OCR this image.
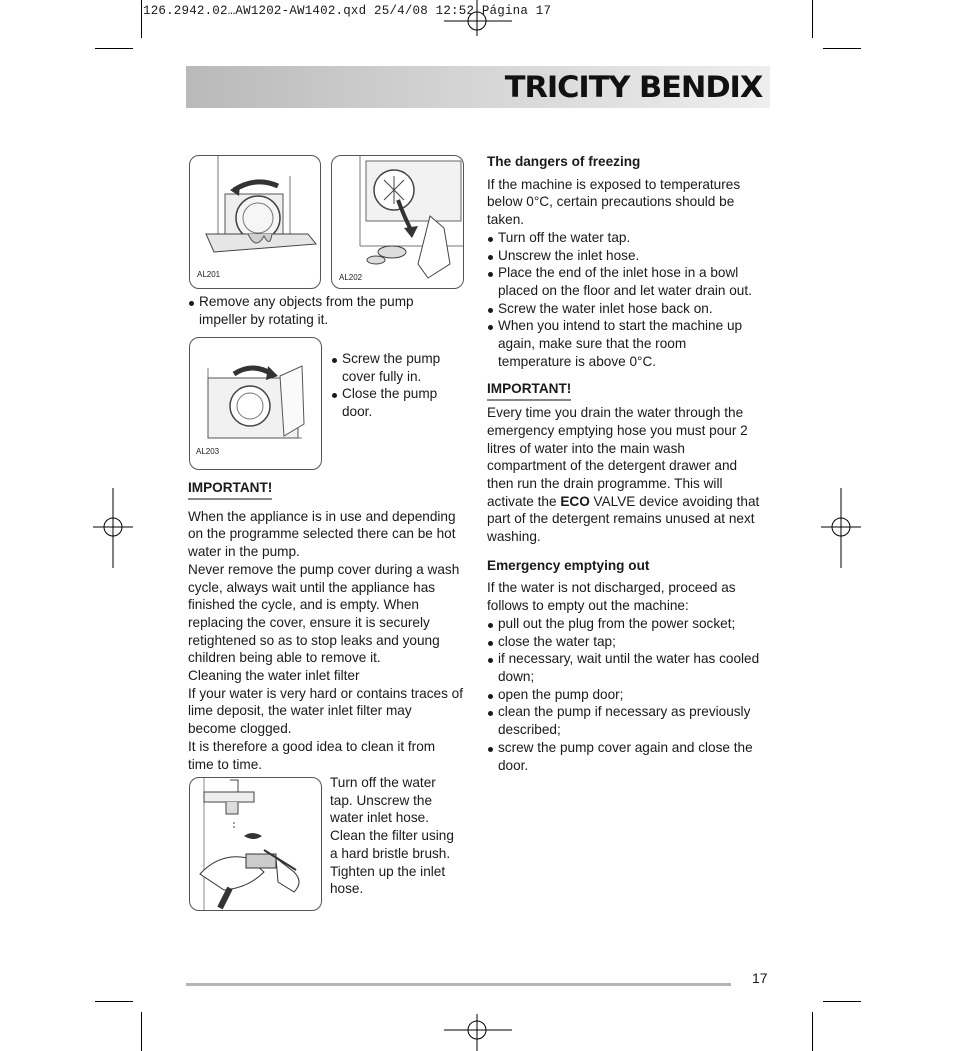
126.2942.02…AW1202-AW1402.qxd 25/4/08 12:52 Página 17
TRICITY BENDIX
AL201	AL202
Remove any objects from the pump impeller by rotating it.
AL203
Screw the pump cover fully in.
Close the pump door.

IMPORTANT!

When the appliance is in use and depending on the programme selected there can be hot water in the pump.

Never remove the pump cover during a wash cycle, always wait until the appliance has finished the cycle, and is empty. When replacing the cover, ensure it is securely retightened so as to stop leaks and young children being able to remove it.

Cleaning the water inlet filter

If your water is very hard or contains traces of lime deposit, the water inlet filter may become clogged.

It is therefore a good idea to clean it from time to time.

Turn off the water tap. Unscrew the water inlet hose. Clean the filter using a hard bristle brush. Tighten up the inlet hose.

The dangers of freezing

If the machine is exposed to temperatures below 0°C, certain precautions should be taken.

Turn off the water tap.
Unscrew the inlet hose.
Place the end of the inlet hose in a bowl placed on the floor and let water drain out.
Screw the water inlet hose back on.
When you intend to start the machine up again, make sure that the room temperature is above 0°C.

IMPORTANT!

Every time you drain the water through the emergency emptying hose you must pour 2 litres of water into the main wash compartment of the detergent drawer and then run the drain programme. This will activate the ECO VALVE device avoiding that part of the detergent remains unused at next washing.

Emergency emptying out

If the water is not discharged, proceed as follows to empty out the machine:

pull out the plug from the power socket;
close the water tap;
if necessary, wait until the water has cooled down;
open the pump door;
clean the pump if necessary as previously described;
screw the pump cover again and close the door.
17
